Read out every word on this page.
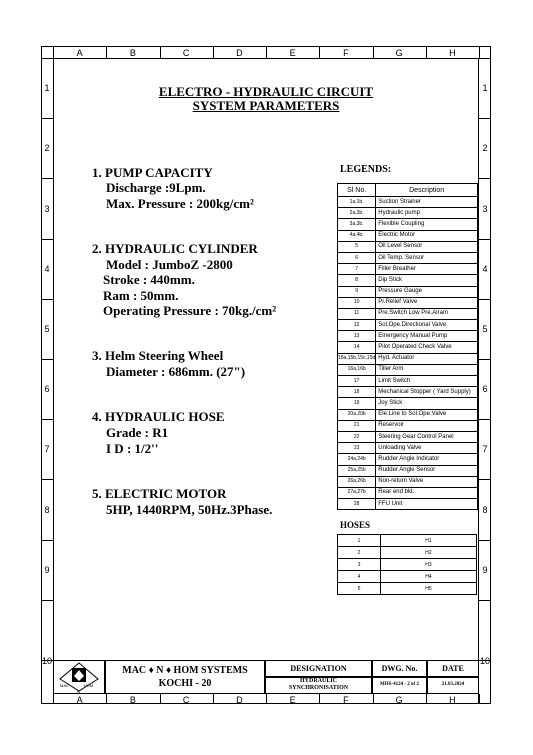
A
A
B
B
C
C
D
D
E
E
F
F
G
G
H
H
1	1
2	2
3	3
4	4
5	5
6	6
7	7
8	8
9	9
10	10
ELECTRO - HYDRAULIC CIRCUIT
SYSTEM PARAMETERS
1. PUMP CAPACITY
Discharge :9Lpm.
Max. Pressure : 200kg/cm²
2. HYDRAULIC CYLINDER
Model : JumboZ -2800
Stroke : 440mm.
Ram : 50mm.
Operating Pressure : 70kg./cm²
3. Helm Steering Wheel
Diameter : 686mm. (27")
4. HYDRAULIC HOSE
Grade : R1
I D : 1/2''
5. ELECTRIC MOTOR
5HP, 1440RPM, 50Hz.3Phase.
LEGENDS:
Sl No.	Description
1a,1b.	Suction Strainer
2a,2b.	Hydraulic pump
3a,3b.	Flexible Coupling
4a,4b.	Electric Motor
5	Oil Level Sensor
6	Oil Temp. Sensor
7	Filler Breather
8	Dip Stick
9	Pressure Gauge
10	Pr.Relief Valve
11	Pre.Switch Low Pre.Alram
12	Sol.Ope.Directional Valve
13	Emergency Manual Pump
14	Pilot Operated Check Valve
15a,15b,15c,15d	Hyd. Actuator
16a,16b	Tiller Arm
17	Limit Switch
18	Mechanical Stopper ( Yard Supply)
19	Joy Stick
20a,20b	Ele.Line to Sol.Ope.Valve
21	Reservoir
22	Steering Gear Control Panel
23	Unloading Valve
24a,24b	Rudder Angle Indicator
25a,25b	Rudder Angle Sensor
26a,26b	Non-return Valve
27a,27b	Rear end bkt.
28	FFU Unit
HOSES
1	H1
2	H2
3	H3
4	H4
5	H5
MAC	HOM
N
MAC ♦ N ♦ HOM SYSTEMS
KOCHI - 20
DESIGNATION	DWG. No.	DATE
HYDRAULIC
SYNCHRONISATION
MHS-4124 - 2 of 2	21.03.2024
